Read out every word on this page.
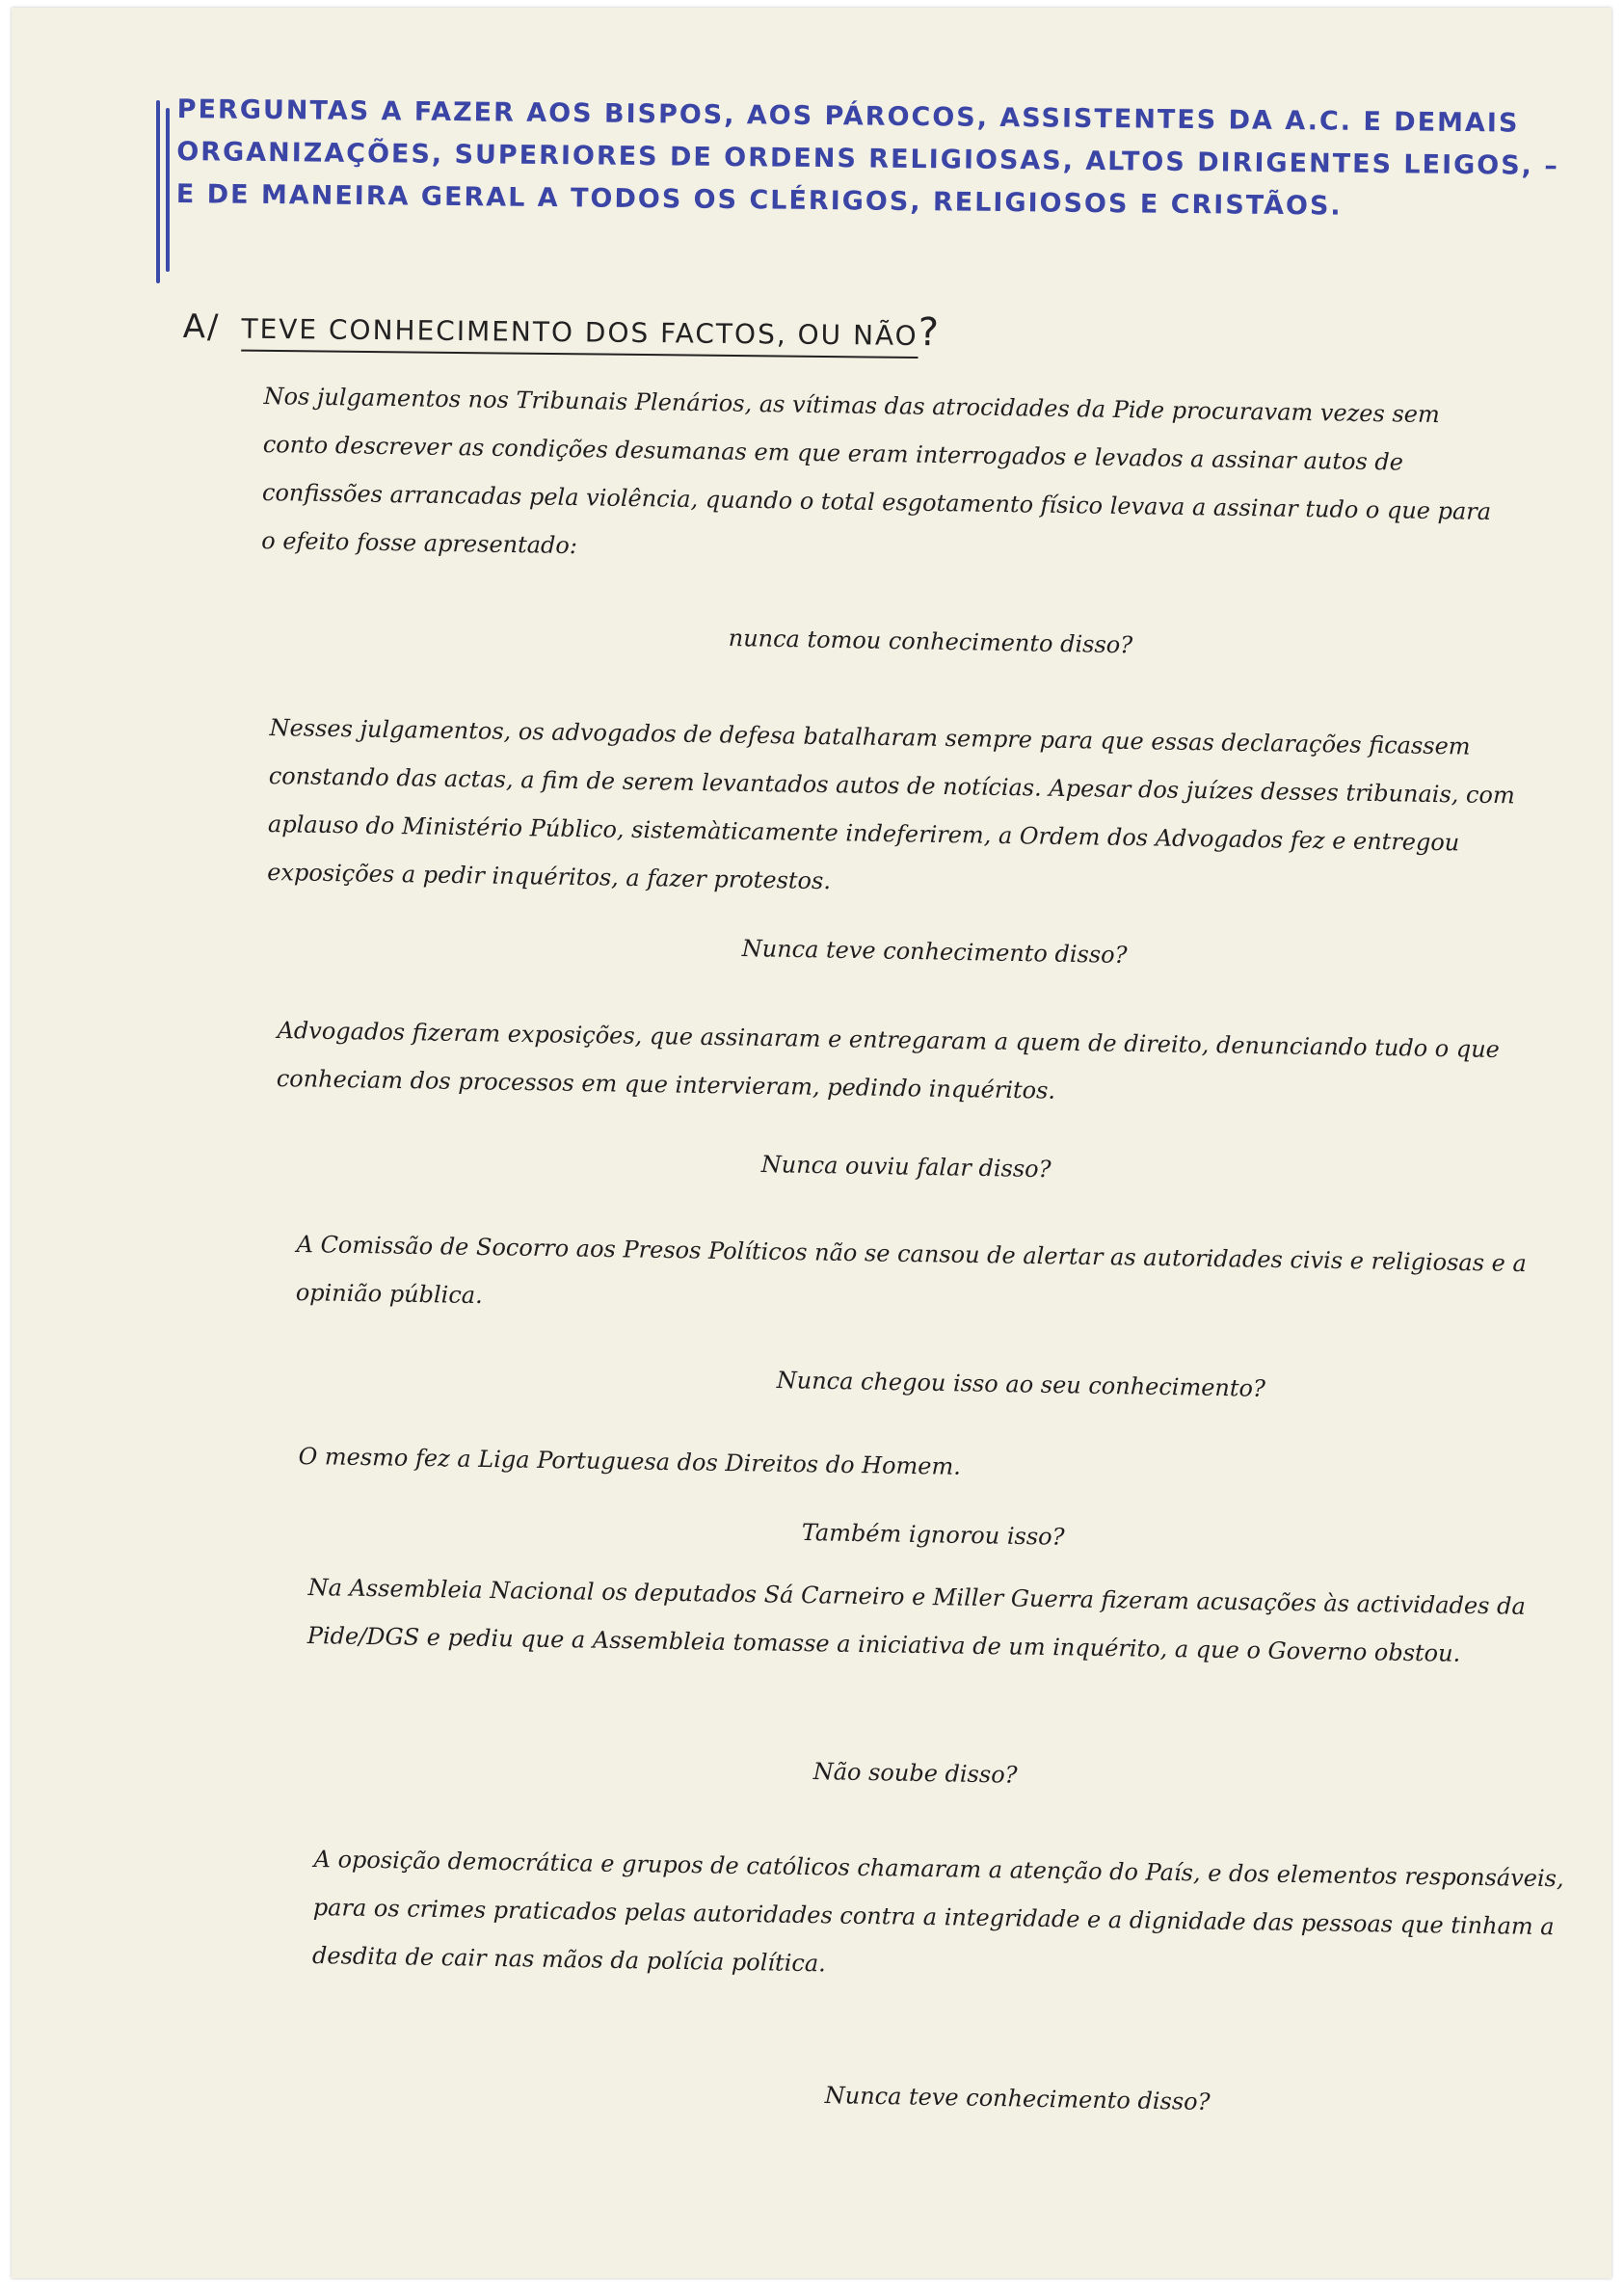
PERGUNTAS A FAZER AOS BISPOS, AOS PÁROCOS, ASSISTENTES DA A.C. E DEMAIS ORGANIZAÇÕES, SUPERIORES DE ORDENS RELIGIOSAS, ALTOS DIRIGENTES LEIGOS, – E DE MANEIRA GERAL A TODOS OS CLÉRIGOS, RELIGIOSOS E CRISTÃOS.

A/ TEVE CONHECIMENTO DOS FACTOS, OU NÃO?

Nos julgamentos nos Tribunais Plenários, as vítimas das atrocidades da Pide procuravam vezes sem conto descrever as condições desumanas em que eram interrogados e levados a assinar autos de confissões arrancadas pela violência, quando o total esgotamento físico levava a assinar tudo o que para o efeito fosse apresentado:

nunca tomou conhecimento disso?

Nesses julgamentos, os advogados de defesa batalharam sempre para que essas declarações ficassem constando das actas, a fim de serem levantados autos de notícias. Apesar dos juízes desses tribunais, com aplauso do Ministério Público, sistemàticamente indeferirem, a Ordem dos Advogados fez e entregou exposições a pedir inquéritos, a fazer protestos.

Nunca teve conhecimento disso?

Advogados fizeram exposições, que assinaram e entregaram a quem de direito, denunciando tudo o que conheciam dos processos em que intervieram, pedindo inquéritos.

Nunca ouviu falar disso?

A Comissão de Socorro aos Presos Políticos não se cansou de alertar as autoridades civis e religiosas e a opinião pública.

Nunca chegou isso ao seu conhecimento?

O mesmo fez a Liga Portuguesa dos Direitos do Homem.

Também ignorou isso?

Na Assembleia Nacional os deputados Sá Carneiro e Miller Guerra fizeram acusações às actividades da Pide/DGS e pediu que a Assembleia tomasse a iniciativa de um inquérito, a que o Governo obstou.

Não soube disso?

A oposição democrática e grupos de católicos chamaram a atenção do País, e dos elementos responsáveis, para os crimes praticados pelas autoridades contra a integridade e a dignidade das pessoas que tinham a desdita de cair nas mãos da polícia política.

Nunca teve conhecimento disso?
